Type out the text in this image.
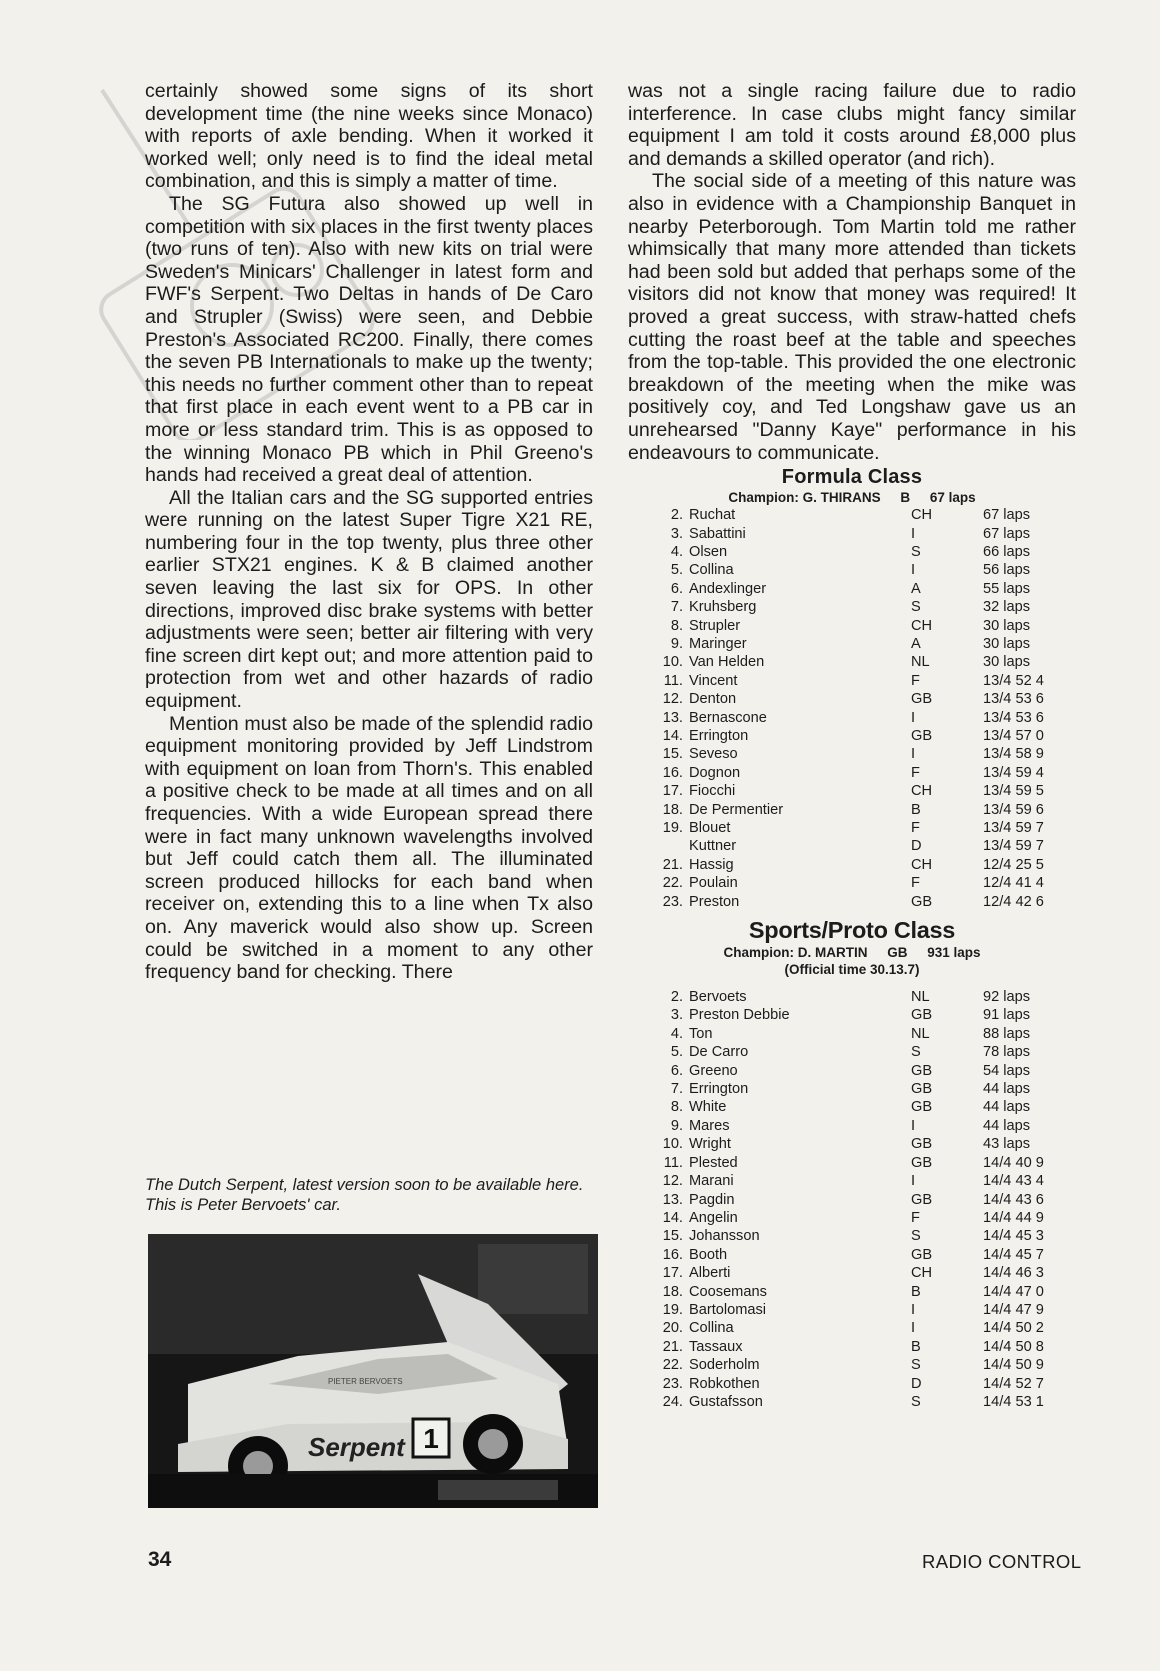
certainly showed some signs of its short development time (the nine weeks since Monaco) with reports of axle bending. When it worked it worked well; only need is to find the ideal metal combination, and this is simply a matter of time.

The SG Futura also showed up well in competition with six places in the first twenty places (two runs of ten). Also with new kits on trial were Sweden's Minicars' Challenger in latest form and FWF's Serpent. Two Deltas in hands of De Caro and Strupler (Swiss) were seen, and Debbie Preston's Associated RC200. Finally, there comes the seven PB Internationals to make up the twenty; this needs no further comment other than to repeat that first place in each event went to a PB car in more or less standard trim. This is as opposed to the winning Monaco PB which in Phil Greeno's hands had received a great deal of attention.

All the Italian cars and the SG supported entries were running on the latest Super Tigre X21 RE, numbering four in the top twenty, plus three other earlier STX21 engines. K & B claimed another seven leaving the last six for OPS. In other directions, improved disc brake systems with better adjustments were seen; better air filtering with very fine screen dirt kept out; and more attention paid to protection from wet and other hazards of radio equipment.

Mention must also be made of the splendid radio equipment monitoring provided by Jeff Lindstrom with equipment on loan from Thorn's. This enabled a positive check to be made at all times and on all frequencies. With a wide European spread there were in fact many unknown wavelengths involved but Jeff could catch them all. The illuminated screen produced hillocks for each band when receiver on, extending this to a line when Tx also on. Any maverick would also show up. Screen could be switched in a moment to any other frequency band for checking. There

The Dutch Serpent, latest version soon to be available here. This is Peter Bervoets' car.

1
Serpent
PIETER BERVOETS

was not a single racing failure due to radio interference. In case clubs might fancy similar equipment I am told it costs around £8,000 plus and demands a skilled operator (and rich).

The social side of a meeting of this nature was also in evidence with a Championship Banquet in nearby Peterborough. Tom Martin told me rather whimsically that many more attended than tickets had been sold but added that perhaps some of the visitors did not know that money was required! It proved a great success, with straw-hatted chefs cutting the roast beef at the table and speeches from the top-table. This provided the one electronic breakdown of the meeting when the mike was positively coy, and Ted Longshaw gave us an unrehearsed "Danny Kaye" performance in his endeavours to communicate.

Formula Class

Champion: G. THIRANS B 67 laps

2.	Ruchat	CH	67 laps
3.	Sabattini	I	67 laps
4.	Olsen	S	66 laps
5.	Collina	I	56 laps
6.	Andexlinger	A	55 laps
7.	Kruhsberg	S	32 laps
8.	Strupler	CH	30 laps
9.	Maringer	A	30 laps
10.	Van Helden	NL	30 laps
11.	Vincent	F	13/4 52 4
12.	Denton	GB	13/4 53 6
13.	Bernascone	I	13/4 53 6
14.	Errington	GB	13/4 57 0
15.	Seveso	I	13/4 58 9
16.	Dognon	F	13/4 59 4
17.	Fiocchi	CH	13/4 59 5
18.	De Permentier	B	13/4 59 6
19.	Blouet	F	13/4 59 7
	Kuttner	D	13/4 59 7
21.	Hassig	CH	12/4 25 5
22.	Poulain	F	12/4 41 4
23.	Preston	GB	12/4 42 6
Sports/Proto Class

Champion: D. MARTIN GB 931 laps

(Official time 30.13.7)

2.	Bervoets	NL	92 laps
3.	Preston Debbie	GB	91 laps
4.	Ton	NL	88 laps
5.	De Carro	S	78 laps
6.	Greeno	GB	54 laps
7.	Errington	GB	44 laps
8.	White	GB	44 laps
9.	Mares	I	44 laps
10.	Wright	GB	43 laps
11.	Plested	GB	14/4 40 9
12.	Marani	I	14/4 43 4
13.	Pagdin	GB	14/4 43 6
14.	Angelin	F	14/4 44 9
15.	Johansson	S	14/4 45 3
16.	Booth	GB	14/4 45 7
17.	Alberti	CH	14/4 46 3
18.	Coosemans	B	14/4 47 0
19.	Bartolomasi	I	14/4 47 9
20.	Collina	I	14/4 50 2
21.	Tassaux	B	14/4 50 8
22.	Soderholm	S	14/4 50 9
23.	Robkothen	D	14/4 52 7
24.	Gustafsson	S	14/4 53 1
34	RADIO CONTROL
